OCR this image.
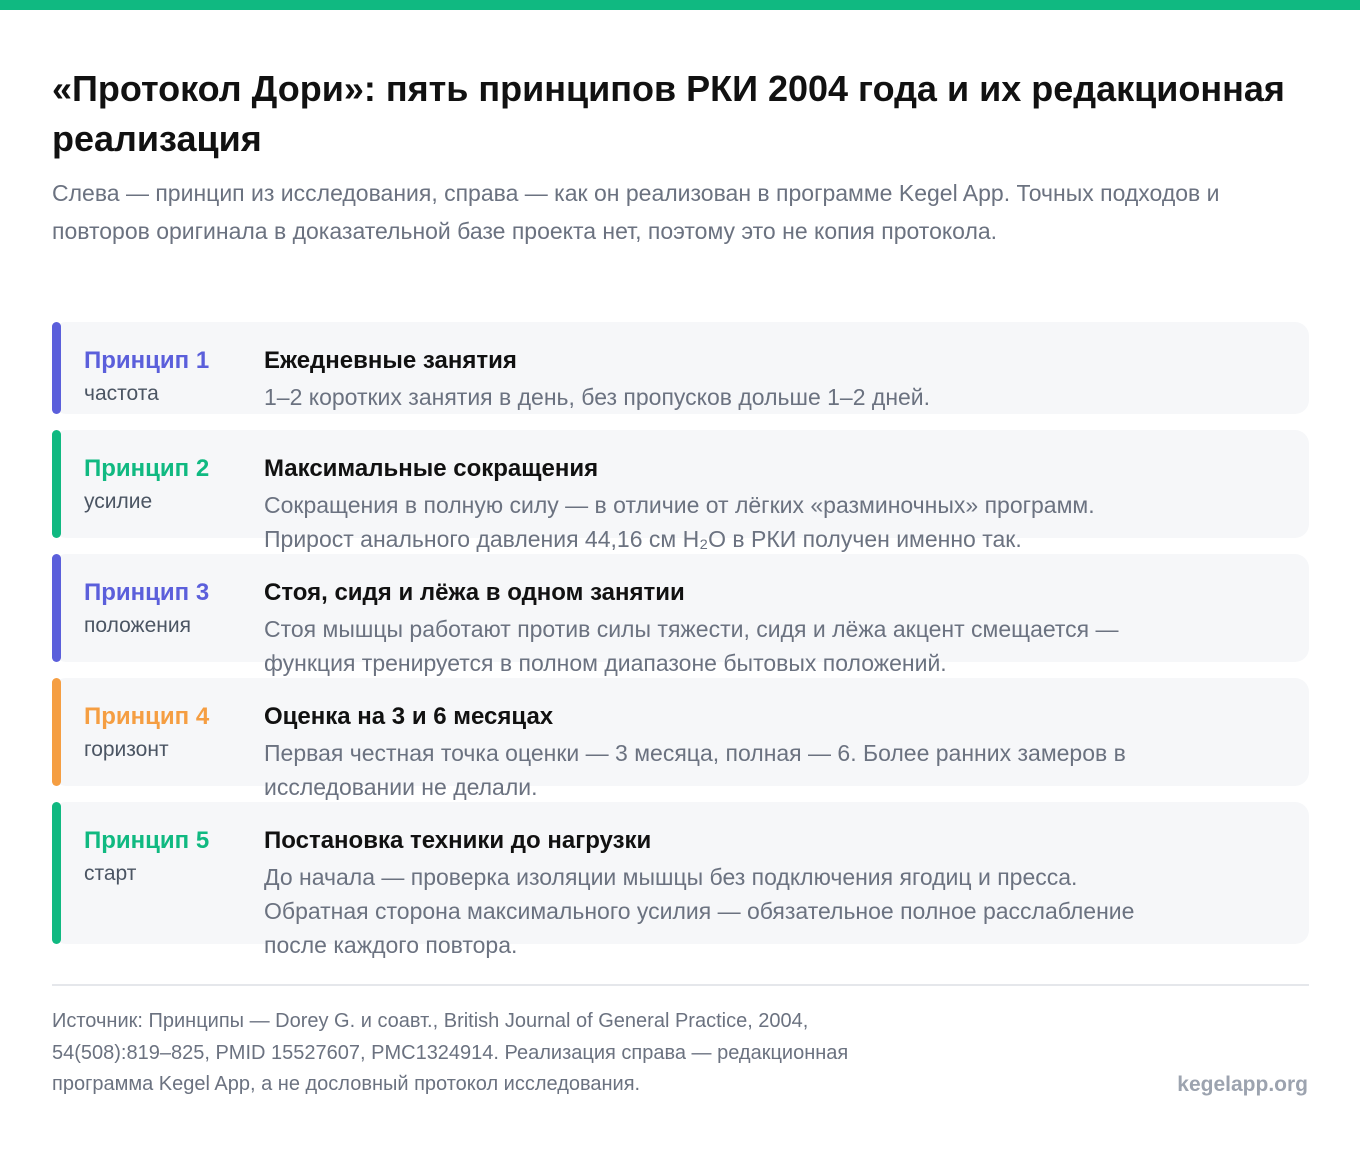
«Протокол Дори»: пять принципов РКИ 2004 года и их редакционная реализация

Слева — принцип из исследования, справа — как он реализован в программе Kegel App. Точных подходов и повторов оригинала в доказательной базе проекта нет, поэтому это не копия протокола.

Принцип 1
частота
Ежедневные занятия
1–2 коротких занятия в день, без пропусков дольше 1–2 дней.
Принцип 2
усилие
Максимальные сокращения
Сокращения в полную силу — в отличие от лёгких «разминочных» программ.
Прирост анального давления 44,16 см H₂O в РКИ получен именно так.
Принцип 3
положения
Стоя, сидя и лёжа в одном занятии
Стоя мышцы работают против силы тяжести, сидя и лёжа акцент смещается —
функция тренируется в полном диапазоне бытовых положений.
Принцип 4
горизонт
Оценка на 3 и 6 месяцах
Первая честная точка оценки — 3 месяца, полная — 6. Более ранних замеров в
исследовании не делали.
Принцип 5
старт
Постановка техники до нагрузки
До начала — проверка изоляции мышцы без подключения ягодиц и пресса.
Обратная сторона максимального усилия — обязательное полное расслабление
после каждого повтора.
Источник: Принципы — Dorey G. и соавт., British Journal of General Practice, 2004,
54(508):819–825, PMID 15527607, PMC1324914. Реализация справа — редакционная
программа Kegel App, а не дословный протокол исследования.	kegelapp.org
